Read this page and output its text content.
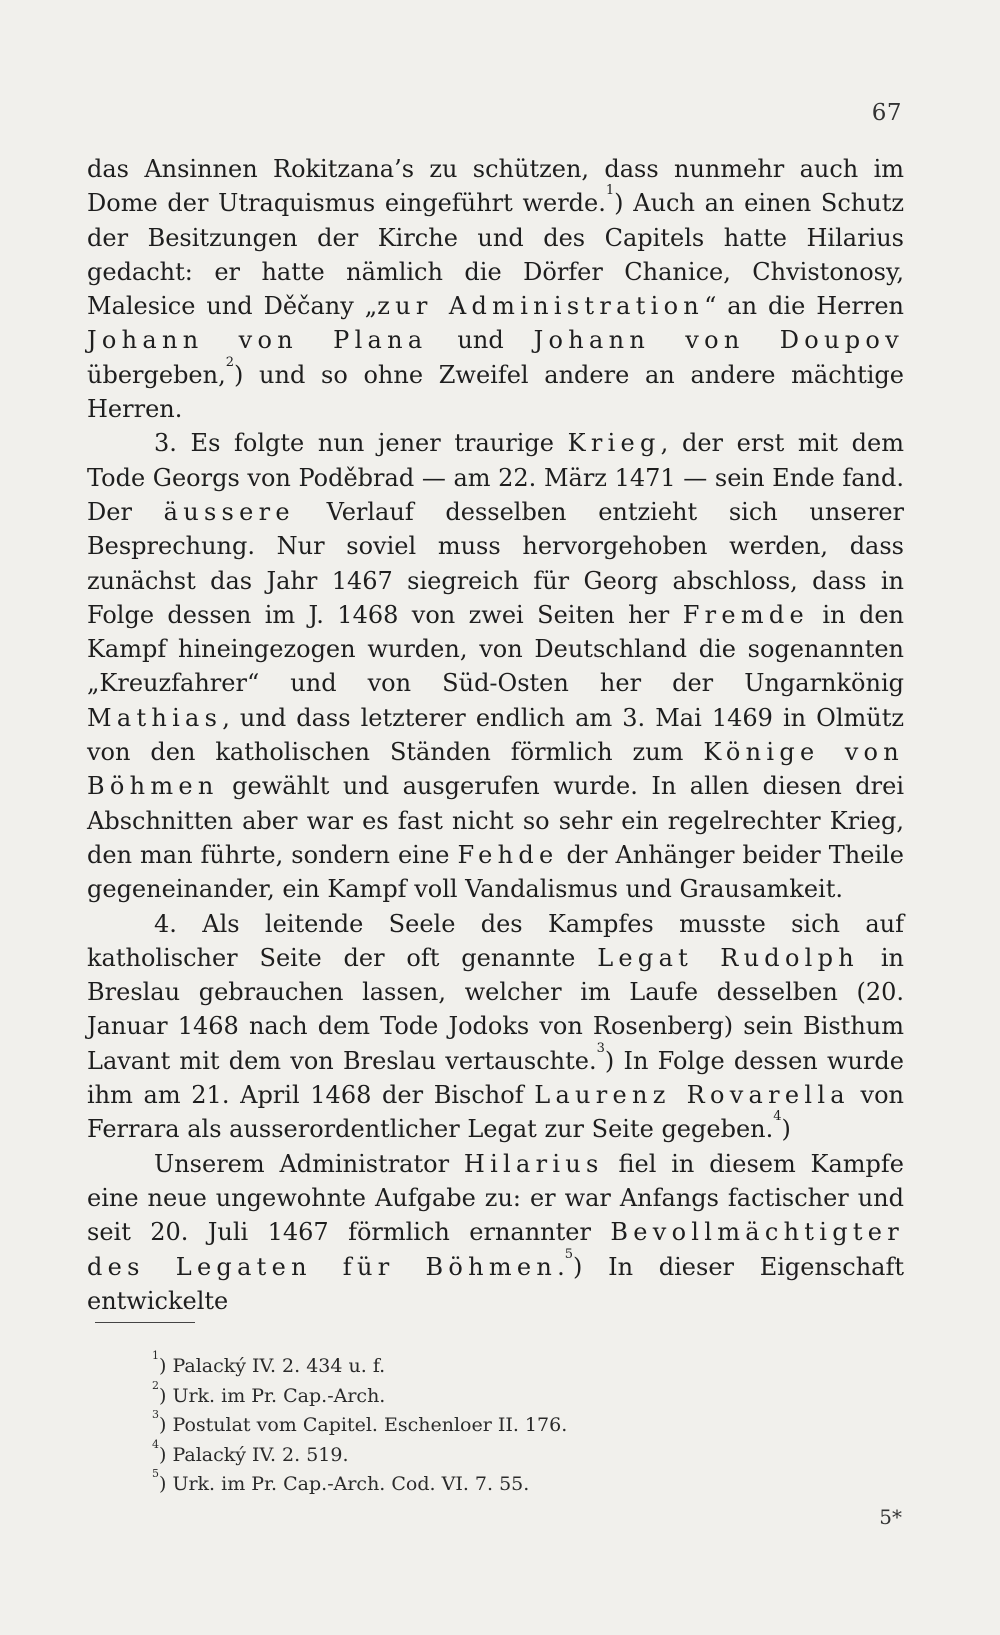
67

das Ansinnen Rokitzana’s zu schützen, dass nunmehr auch im Dome der Utraquismus eingeführt werde.$^1$) Auch an einen Schutz der Besitzungen der Kirche und des Capitels hatte Hilarius gedacht: er hatte nämlich die Dörfer Chanice, Chvistonosy, Malesice und Děčany „zur Administration“ an die Herren Johann von Plana und Johann von Doupov übergeben,$^2$) und so ohne Zweifel andere an andere mächtige Herren.

3. Es folgte nun jener traurige Krieg, der erst mit dem Tode Georgs von Poděbrad — am 22. März 1471 — sein Ende fand. Der äussere Verlauf desselben entzieht sich unserer Besprechung. Nur soviel muss hervorgehoben werden, dass zunächst das Jahr 1467 siegreich für Georg abschloss, dass in Folge dessen im J. 1468 von zwei Seiten her Fremde in den Kampf hineingezogen wurden, von Deutschland die sogenannten „Kreuzfahrer“ und von Süd-Osten her der Ungarnkönig Mathias, und dass letzterer endlich am 3. Mai 1469 in Olmütz von den katholischen Ständen förmlich zum Könige von Böhmen gewählt und ausgerufen wurde. In allen diesen drei Abschnitten aber war es fast nicht so sehr ein regelrechter Krieg, den man führte, sondern eine Fehde der Anhänger beider Theile gegeneinander, ein Kampf voll Vandalismus und Grausamkeit.

4. Als leitende Seele des Kampfes musste sich auf katholischer Seite der oft genannte Legat Rudolph in Breslau gebrauchen lassen, welcher im Laufe desselben (20. Januar 1468 nach dem Tode Jodoks von Rosenberg) sein Bisthum Lavant mit dem von Breslau vertauschte.$^3$) In Folge dessen wurde ihm am 21. April 1468 der Bischof Laurenz Rovarella von Ferrara als ausserordentlicher Legat zur Seite gegeben.$^4$)

Unserem Administrator Hilarius fiel in diesem Kampfe eine neue ungewohnte Aufgabe zu: er war Anfangs factischer und seit 20. Juli 1467 förmlich ernannter Bevollmächtigter des Legaten für Böhmen.$^5$) In dieser Eigenschaft entwickelte

$^1$) Palacký IV. 2. 434 u. f.
$^2$) Urk. im Pr. Cap.-Arch.
$^3$) Postulat vom Capitel. Eschenloer II. 176.
$^4$) Palacký IV. 2. 519.
$^5$) Urk. im Pr. Cap.-Arch. Cod. VI. 7. 55.
5*
